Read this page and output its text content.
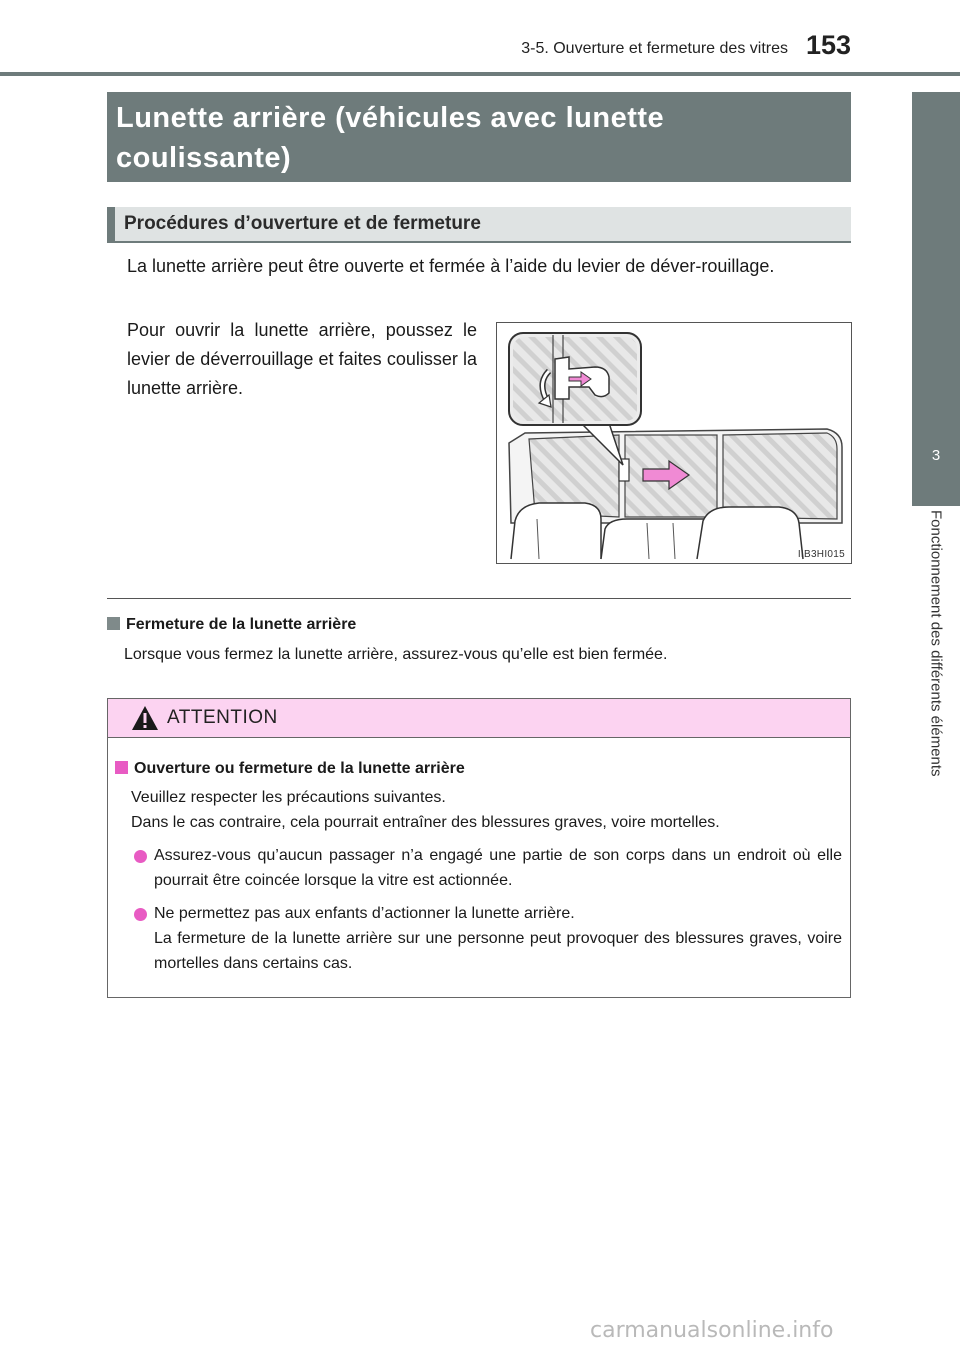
3-5. Ouverture et fermeture des vitres 153
3
Fonctionnement des différents éléments
Lunette arrière (véhicules avec lunette
coulissante)
Procédures d’ouverture et de fermeture
La lunette arrière peut être ouverte et fermée à l’aide du levier de déver-rouillage.
Pour ouvrir la lunette arrière, poussez le levier de déverrouillage et faites coulisser la lunette arrière.
IIB3HI015
Fermeture de la lunette arrière
Lorsque vous fermez la lunette arrière, assurez-vous qu’elle est bien fermée.
ATTENTION
Ouverture ou fermeture de la lunette arrière
Veuillez respecter les précautions suivantes.
Dans le cas contraire, cela pourrait entraîner des blessures graves, voire mortelles.
Assurez-vous qu’aucun passager n’a engagé une partie de son corps dans un endroit où elle pourrait être coincée lorsque la vitre est actionnée.
Ne permettez pas aux enfants d’actionner la lunette arrière.
La fermeture de la lunette arrière sur une personne peut provoquer des blessures graves, voire mortelles dans certains cas.
carmanualsonline.info
